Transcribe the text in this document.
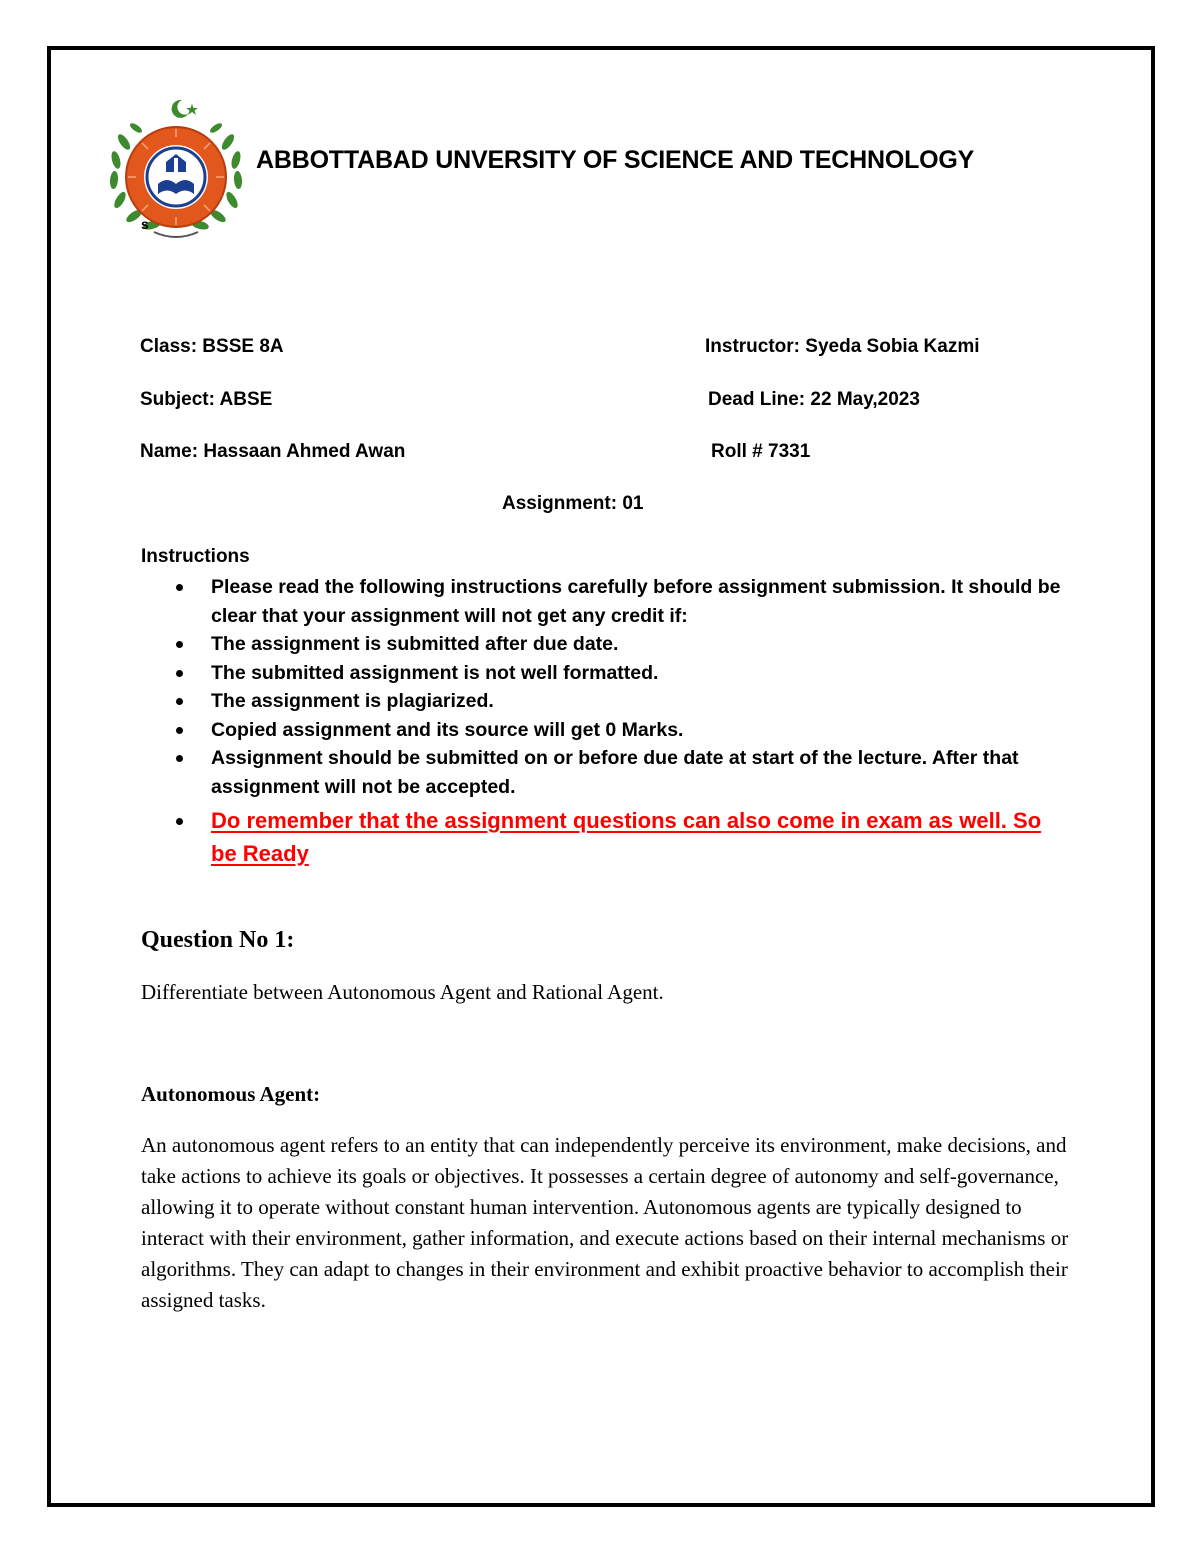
s
ABBOTTABAD UNVERSITY OF SCIENCE AND TECHNOLOGY
Class: BSSE 8A	Instructor: Syeda Sobia Kazmi
Subject: ABSE	Dead Line: 22 May,2023
Name: Hassaan Ahmed Awan	Roll # 7331
Assignment: 01
Instructions
Please read the following instructions carefully before assignment submission. It should be clear that your assignment will not get any credit if:
The assignment is submitted after due date.
The submitted assignment is not well formatted.
The assignment is plagiarized.
Copied assignment and its source will get 0 Marks.
Assignment should be submitted on or before due date at start of the lecture. After that assignment will not be accepted.
Do remember that the assignment questions can also come in exam as well. So be Ready
Question No 1:
Differentiate between Autonomous Agent and Rational Agent.
Autonomous Agent:

An autonomous agent refers to an entity that can independently perceive its environment, make decisions, and take actions to achieve its goals or objectives. It possesses a certain degree of autonomy and self-governance, allowing it to operate without constant human intervention. Autonomous agents are typically designed to interact with their environment, gather information, and execute actions based on their internal mechanisms or algorithms. They can adapt to changes in their environment and exhibit proactive behavior to accomplish their assigned tasks.
